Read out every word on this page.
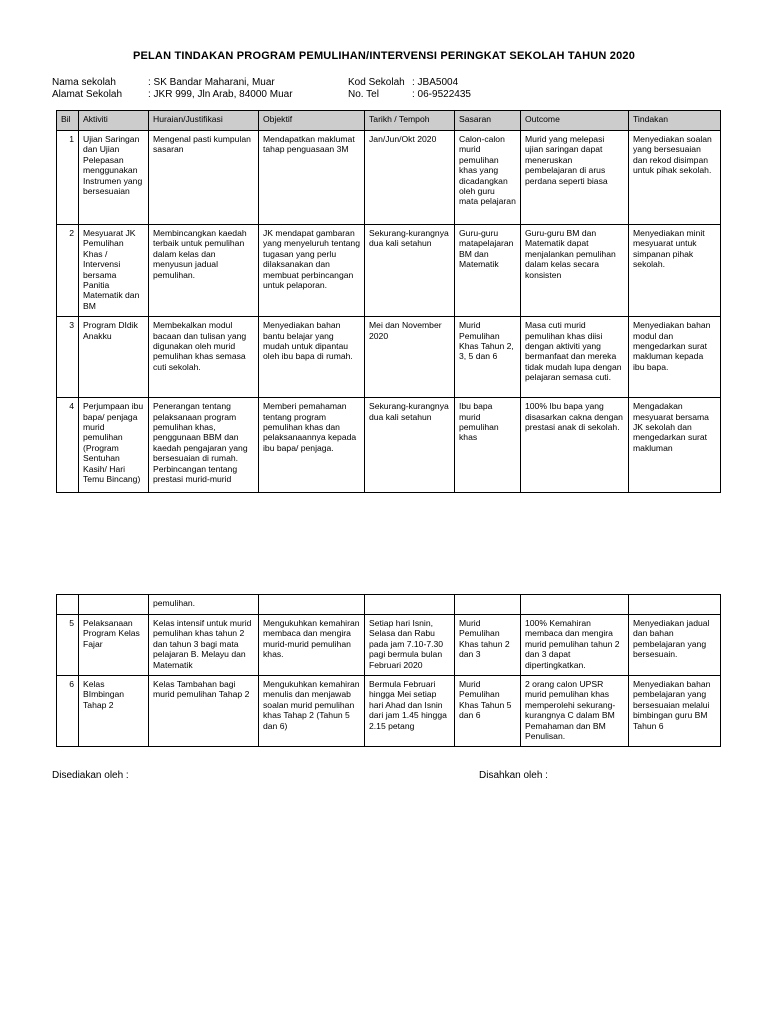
PELAN TINDAKAN PROGRAM PEMULIHAN/INTERVENSI PERINGKAT SEKOLAH TAHUN 2020
Nama sekolah	: SK Bandar Maharani, Muar
Alamat Sekolah	: JKR 999, Jln Arab, 84000 Muar
Kod Sekolah : JBA5004
No. Tel	: 06-9522435
Bil	Aktiviti	Huraian/Justifikasi	Objektif	Tarikh / Tempoh	Sasaran	Outcome	Tindakan
1	Ujian Saringan dan Ujian Pelepasan menggunakan Instrumen yang bersesuaian	Mengenal pasti kumpulan sasaran	Mendapatkan maklumat tahap penguasaan 3M	Jan/Jun/Okt 2020	Calon-calon murid pemulihan khas yang dicadangkan oleh guru mata pelajaran	Murid yang melepasi ujian saringan dapat meneruskan pembelajaran di arus perdana seperti biasa	Menyediakan soalan yang bersesuaian dan rekod disimpan untuk pihak sekolah.
2	Mesyuarat JK Pemulihan Khas / Intervensi bersama Panitia Matematik dan BM	Membincangkan kaedah terbaik untuk pemulihan dalam kelas dan menyusun jadual pemulihan.	JK mendapat gambaran yang menyeluruh tentang tugasan yang perlu dilaksanakan dan membuat perbincangan untuk pelaporan.	Sekurang-kurangnya dua kali setahun	Guru-guru matapelajaran BM dan Matematik	Guru-guru BM dan Matematik dapat menjalankan pemulihan dalam kelas secara konsisten	Menyediakan minit mesyuarat untuk simpanan pihak sekolah.
3	Program DIdik Anakku	Membekalkan modul bacaan dan tulisan yang digunakan oleh murid pemulihan khas semasa cuti sekolah.	Menyediakan bahan bantu belajar yang mudah untuk dipantau oleh ibu bapa di rumah.	Mei dan November 2020	Murid Pemulihan Khas Tahun 2, 3, 5 dan 6	Masa cuti murid pemulihan khas diisi dengan aktiviti yang bermanfaat dan mereka tidak mudah lupa dengan pelajaran semasa cuti.	Menyediakan bahan modul dan mengedarkan surat makluman kepada ibu bapa.
4	Perjumpaan ibu bapa/ penjaga murid pemulihan (Program Sentuhan Kasih/ Hari Temu Bincang)	Penerangan tentang pelaksanaan program pemulihan khas, penggunaan BBM dan kaedah pengajaran yang bersesuaian di rumah. Perbincangan tentang prestasi murid-murid	Memberi pemahaman tentang program pemulihan khas dan pelaksanaannya kepada ibu bapa/ penjaga.	Sekurang-kurangnya dua kali setahun	Ibu bapa murid pemulihan khas	100% Ibu bapa yang disasarkan cakna dengan prestasi anak di sekolah.	Mengadakan mesyuarat bersama JK sekolah dan mengedarkan surat makluman
		pemulihan.					
5	Pelaksanaan Program Kelas Fajar	Kelas intensif untuk murid pemulihan khas tahun 2 dan tahun 3 bagi mata pelajaran B. Melayu dan Matematik	Mengukuhkan kemahiran membaca dan mengira murid-murid pemulihan khas.	Setiap hari Isnin, Selasa dan Rabu pada jam 7.10-7.30 pagi bermula bulan Februari 2020	Murid Pemulihan Khas tahun 2 dan 3	100% Kemahiran membaca dan mengira murid pemulihan tahun 2 dan 3 dapat dipertingkatkan.	Menyediakan jadual dan bahan pembelajaran yang bersesuain.
6	Kelas BImbingan Tahap 2	Kelas Tambahan bagi murid pemulihan Tahap 2	Mengukuhkan kemahiran menulis dan menjawab soalan murid pemulihan khas Tahap 2 (Tahun 5 dan 6)	Bermula Februari hingga Mei setiap hari Ahad dan Isnin dari jam 1.45 hingga 2.15 petang	Murid Pemulihan Khas Tahun 5 dan 6	2 orang calon UPSR murid pemulihan khas memperolehi sekurang-kurangnya C dalam BM Pemahaman dan BM Penulisan.	Menyediakan bahan pembelajaran yang bersesuaian melalui bimbingan guru BM Tahun 6
Disediakan oleh :	Disahkan oleh :
